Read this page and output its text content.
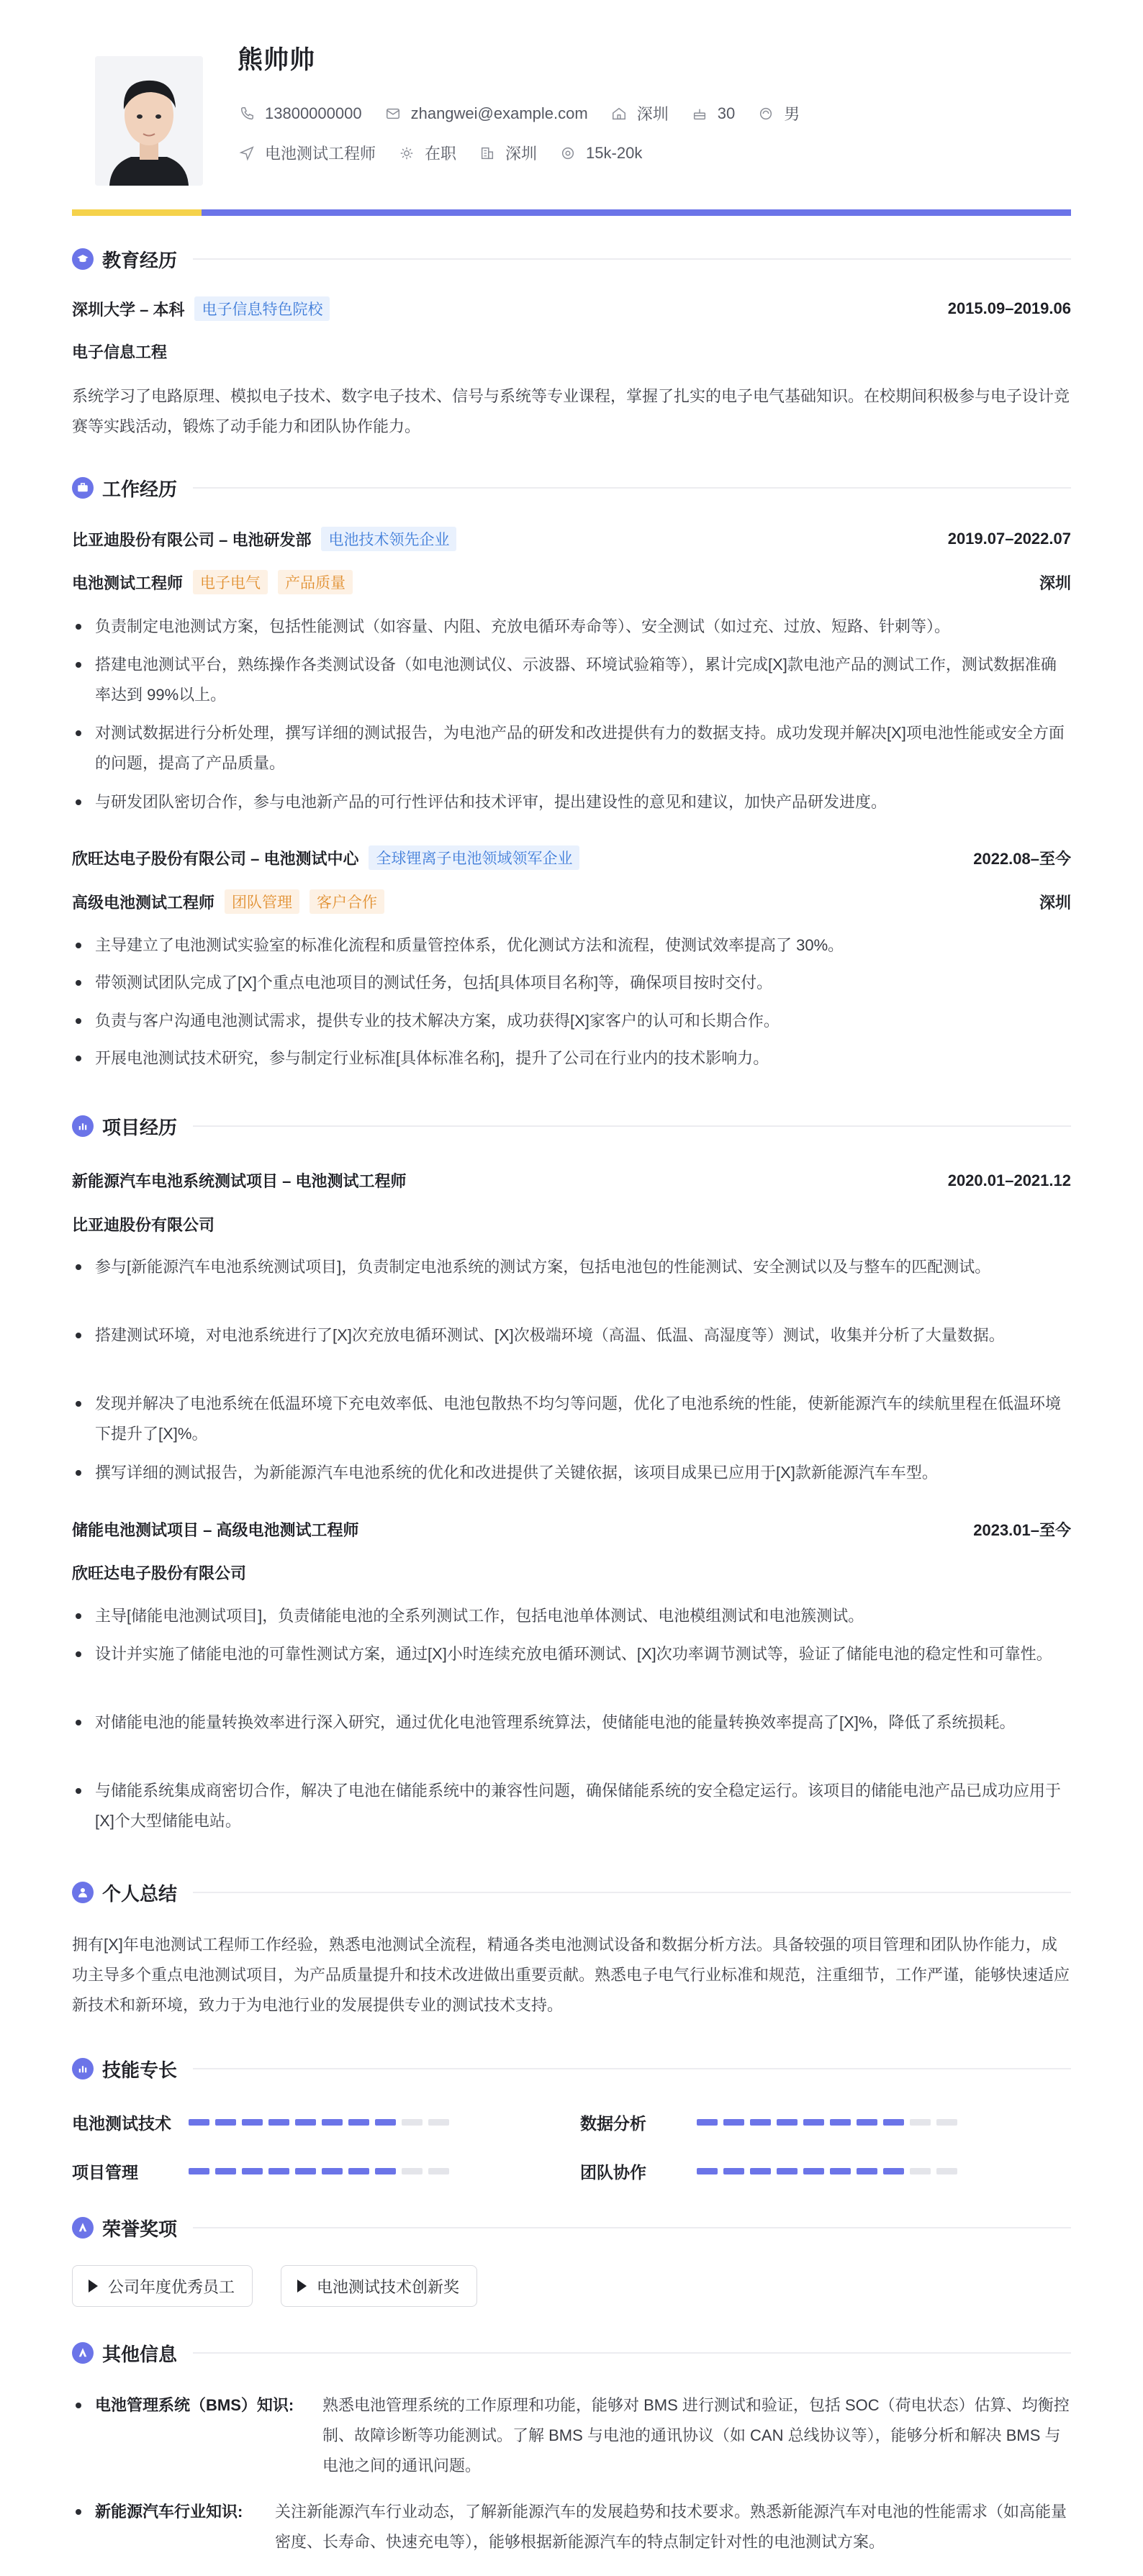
熊帅帅
13800000000	zhangwei@example.com	深圳	30	男
电池测试工程师	在职	深圳	15k-20k
教育经历
深圳大学 – 本科	电子信息特色院校	2015.09–2019.06
电子信息工程
系统学习了电路原理、模拟电子技术、数字电子技术、信号与系统等专业课程，掌握了扎实的电子电气基础知识。在校期间积极参与电子设计竞赛等实践活动，锻炼了动手能力和团队协作能力。
工作经历
比亚迪股份有限公司 – 电池研发部	电池技术领先企业	2019.07–2022.07
电池测试工程师	电子电气	产品质量	深圳
负责制定电池测试方案，包括性能测试（如容量、内阻、充放电循环寿命等）、安全测试（如过充、过放、短路、针刺等）。
搭建电池测试平台，熟练操作各类测试设备（如电池测试仪、示波器、环境试验箱等），累计完成[X]款电池产品的测试工作，测试数据准确率达到 99%以上。
对测试数据进行分析处理，撰写详细的测试报告，为电池产品的研发和改进提供有力的数据支持。成功发现并解决[X]项电池性能或安全方面的问题，提高了产品质量。
与研发团队密切合作，参与电池新产品的可行性评估和技术评审，提出建设性的意见和建议，加快产品研发进度。
欣旺达电子股份有限公司 – 电池测试中心	全球锂离子电池领域领军企业	2022.08–至今
高级电池测试工程师	团队管理	客户合作	深圳
主导建立了电池测试实验室的标准化流程和质量管控体系，优化测试方法和流程，使测试效率提高了 30%。
带领测试团队完成了[X]个重点电池项目的测试任务，包括[具体项目名称]等，确保项目按时交付。
负责与客户沟通电池测试需求，提供专业的技术解决方案，成功获得[X]家客户的认可和长期合作。
开展电池测试技术研究，参与制定行业标准[具体标准名称]，提升了公司在行业内的技术影响力。
项目经历
新能源汽车电池系统测试项目 – 电池测试工程师	2020.01–2021.12
比亚迪股份有限公司
参与[新能源汽车电池系统测试项目]，负责制定电池系统的测试方案，包括电池包的性能测试、安全测试以及与整车的匹配测试。
搭建测试环境，对电池系统进行了[X]次充放电循环测试、[X]次极端环境（高温、低温、高湿度等）测试，收集并分析了大量数据。
发现并解决了电池系统在低温环境下充电效率低、电池包散热不均匀等问题，优化了电池系统的性能，使新能源汽车的续航里程在低温环境下提升了[X]%。
撰写详细的测试报告，为新能源汽车电池系统的优化和改进提供了关键依据，该项目成果已应用于[X]款新能源汽车车型。
储能电池测试项目 – 高级电池测试工程师	2023.01–至今
欣旺达电子股份有限公司
主导[储能电池测试项目]，负责储能电池的全系列测试工作，包括电池单体测试、电池模组测试和电池簇测试。
设计并实施了储能电池的可靠性测试方案，通过[X]小时连续充放电循环测试、[X]次功率调节测试等，验证了储能电池的稳定性和可靠性。
对储能电池的能量转换效率进行深入研究，通过优化电池管理系统算法，使储能电池的能量转换效率提高了[X]%，降低了系统损耗。
与储能系统集成商密切合作，解决了电池在储能系统中的兼容性问题，确保储能系统的安全稳定运行。该项目的储能电池产品已成功应用于[X]个大型储能电站。
个人总结
拥有[X]年电池测试工程师工作经验，熟悉电池测试全流程，精通各类电池测试设备和数据分析方法。具备较强的项目管理和团队协作能力，成功主导多个重点电池测试项目，为产品质量提升和技术改进做出重要贡献。熟悉电子电气行业标准和规范，注重细节，工作严谨，能够快速适应新技术和新环境，致力于为电池行业的发展提供专业的测试技术支持。
技能专长
电池测试技术	数据分析
项目管理	团队协作
荣誉奖项
公司年度优秀员工	电池测试技术创新奖
其他信息
电池管理系统（BMS）知识: 熟悉电池管理系统的工作原理和功能，能够对 BMS 进行测试和验证，包括 SOC（荷电状态）估算、均衡控制、故障诊断等功能测试。了解 BMS 与电池的通讯协议（如 CAN 总线协议等），能够分析和解决 BMS 与电池之间的通讯问题。
新能源汽车行业知识: 关注新能源汽车行业动态，了解新能源汽车的发展趋势和技术要求。熟悉新能源汽车对电池的性能需求（如高能量密度、长寿命、快速充电等），能够根据新能源汽车的特点制定针对性的电池测试方案。
